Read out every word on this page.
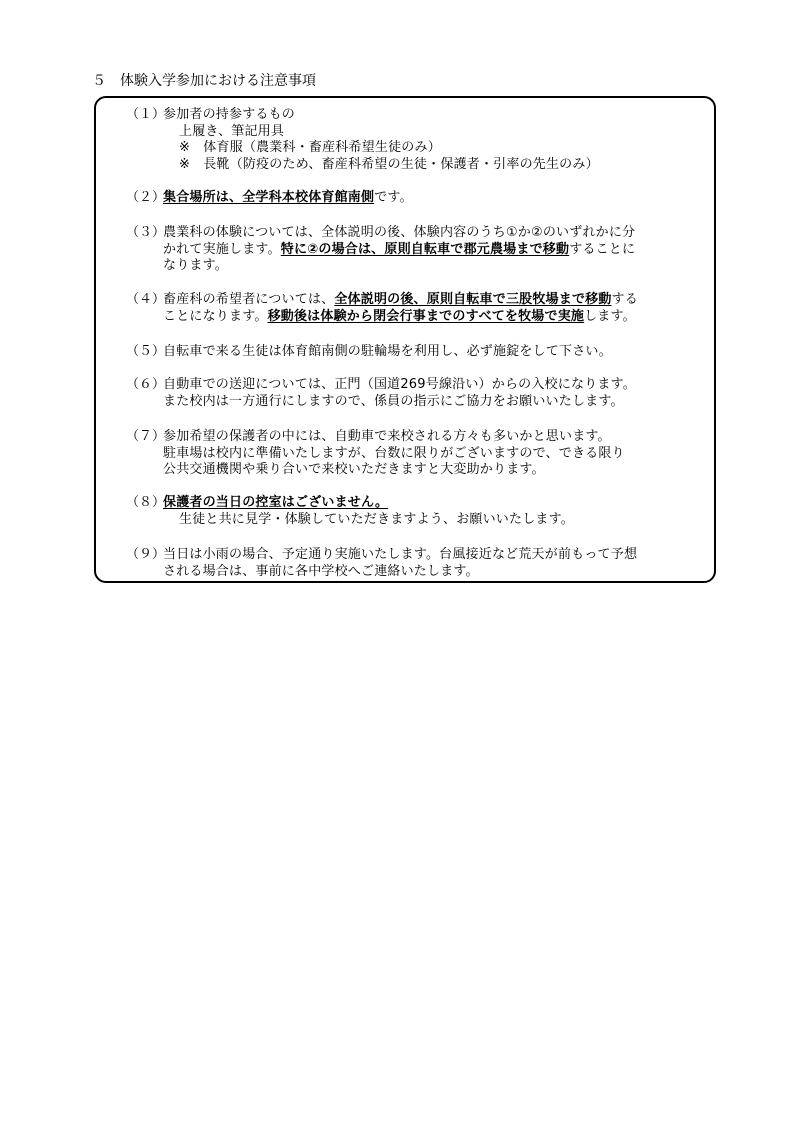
５　体験入学参加における注意事項
（１）
参加者の持参するもの
上履き、筆記用具
※　体育服（農業科・畜産科希望生徒のみ）
※　長靴（防疫のため、畜産科希望の生徒・保護者・引率の先生のみ）
（２）
集合場所は、全学科本校体育館南側です。
（３）
農業科の体験については、全体説明の後、体験内容のうち①か②のいずれかに分
かれて実施します。特に②の場合は、原則自転車で郡元農場まで移動することに
なります。
（４）
畜産科の希望者については、全体説明の後、原則自転車で三股牧場まで移動する
ことになります。移動後は体験から閉会行事までのすべてを牧場で実施します。
（５）
自転車で来る生徒は体育館南側の駐輪場を利用し、必ず施錠をして下さい。
（６）
自動車での送迎については、正門（国道269号線沿い）からの入校になります。
また校内は一方通行にしますので、係員の指示にご協力をお願いいたします。
（７）
参加希望の保護者の中には、自動車で来校される方々も多いかと思います。
駐車場は校内に準備いたしますが、台数に限りがございますので、できる限り
公共交通機関や乗り合いで来校いただきますと大変助かります。
（８）
保護者の当日の控室はございません。
生徒と共に見学・体験していただきますよう、お願いいたします。
（９）
当日は小雨の場合、予定通り実施いたします。台風接近など荒天が前もって予想
される場合は、事前に各中学校へご連絡いたします。
